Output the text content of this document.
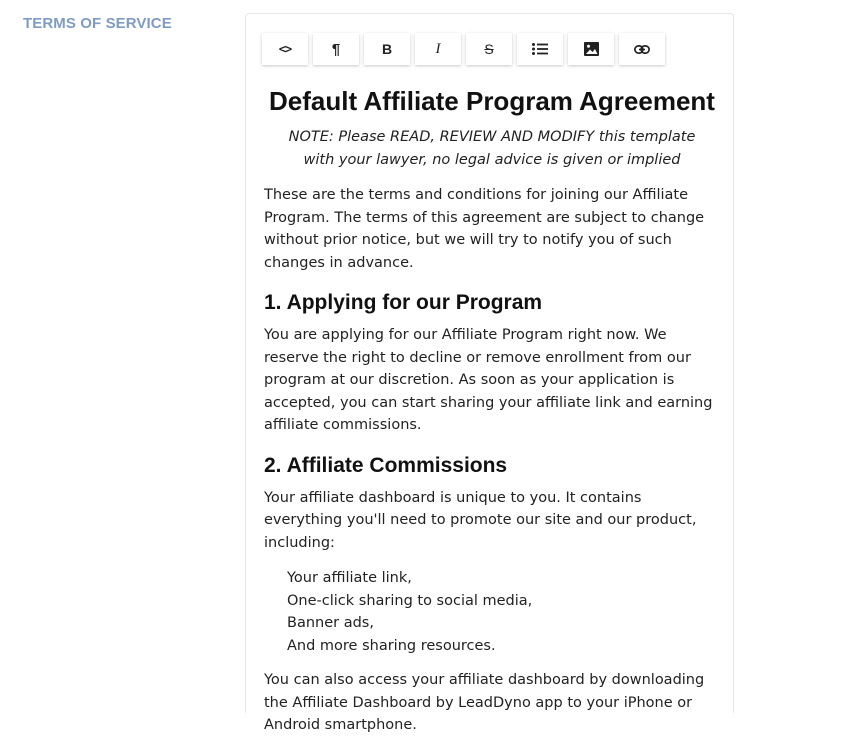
TERMS OF SERVICE
<>	¶	B	I	S
Default Affiliate Program Agreement

NOTE: Please READ, REVIEW AND MODIFY this template with your lawyer, no legal advice is given or implied

These are the terms and conditions for joining our Affiliate Program. The terms of this agreement are subject to change without prior notice, but we will try to notify you of such changes in advance.

1. Applying for our Program

You are applying for our Affiliate Program right now. We reserve the right to decline or remove enrollment from our program at our discretion. As soon as your application is accepted, you can start sharing your affiliate link and earning affiliate commissions.

2. Affiliate Commissions

Your affiliate dashboard is unique to you. It contains everything you'll need to promote our site and our product, including:

Your affiliate link,
One-click sharing to social media,
Banner ads,
And more sharing resources.

You can also access your affiliate dashboard by downloading the Affiliate Dashboard by LeadDyno app to your iPhone or Android smartphone.
